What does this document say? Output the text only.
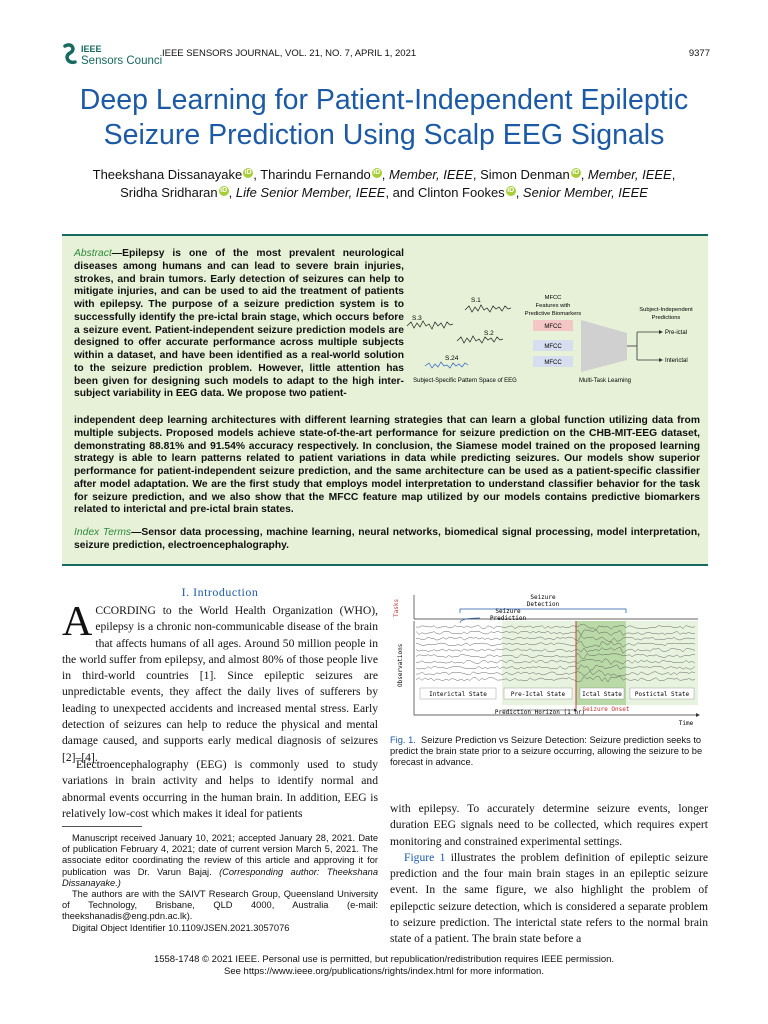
IEEE
Sensors Council
IEEE SENSORS JOURNAL, VOL. 21, NO. 7, APRIL 1, 2021	9377
Deep Learning for Patient-Independent Epileptic
Seizure Prediction Using Scalp EEG Signals
Theekshana Dissanayake iD , Tharindu Fernando iD , Member, IEEE, Simon Denman iD , Member, IEEE,
Sridha Sridharan iD , Life Senior Member, IEEE, and Clinton Fookes iD , Senior Member, IEEE
Abstract—Epilepsy is one of the most prevalent neurological diseases among humans and can lead to severe brain injuries, strokes, and brain tumors. Early detection of seizures can help to mitigate injuries, and can be used to aid the treatment of patients with epilepsy. The purpose of a seizure prediction system is to successfully identify the pre-ictal brain stage, which occurs before a seizure event. Patient-independent seizure prediction models are designed to offer accurate performance across multiple subjects within a dataset, and have been identified as a real-world solution to the seizure prediction problem. However, little attention has been given for designing such models to adapt to the high inter-subject variability in EEG data. We propose two patient-
S.1
S.3
S.2
S.24
MFCC
Features with
Predictive Biomarkers
MFCC
MFCC
MFCC
Subject-Independent
Predictions
Pre-ictal
Interictal
Subject-Specific Pattern Space of EEG	Multi-Task Learning
independent deep learning architectures with different learning strategies that can learn a global function utilizing data from multiple subjects. Proposed models achieve state-of-the-art performance for seizure prediction on the CHB-MIT-EEG dataset, demonstrating 88.81% and 91.54% accuracy respectively. In conclusion, the Siamese model trained on the proposed learning strategy is able to learn patterns related to patient variations in data while predicting seizures. Our models show superior performance for patient-independent seizure prediction, and the same architecture can be used as a patient-specific classifier after model adaptation. We are the first study that employs model interpretation to understand classifier behavior for the task for seizure prediction, and we also show that the MFCC feature map utilized by our models contains predictive biomarkers related to interictal and pre-ictal brain states.
Index Terms—Sensor data processing, machine learning, neural networks, biomedical signal processing, model interpretation, seizure prediction, electroencephalography.
I. Introduction
ACCORDING to the World Health Organization (WHO), epilepsy is a chronic non-communicable disease of the brain that affects humans of all ages. Around 50 million people in the world suffer from epilepsy, and almost 80% of those people live in third-world countries [1]. Since epileptic seizures are unpredictable events, they affect the daily lives of sufferers by leading to unexpected accidents and increased mental stress. Early detection of seizures can help to reduce the physical and mental damage caused, and supports early medical diagnosis of seizures [2]–[4].
Electroencephalography (EEG) is commonly used to study variations in brain activity and helps to identify normal and abnormal events occurring in the human brain. In addition, EEG is relatively low-cost which makes it ideal for patients

Manuscript received January 10, 2021; accepted January 28, 2021. Date of publication February 4, 2021; date of current version March 5, 2021. The associate editor coordinating the review of this article and approving it for publication was Dr. Varun Bajaj. (Corresponding author: Theekshana Dissanayake.)

The authors are with the SAIVT Research Group, Queensland University of Technology, Brisbane, QLD 4000, Australia (e-mail: theekshanadis@eng.pdn.ac.lk).

Digital Object Identifier 10.1109/JSEN.2021.3057076

Tasks
Observations
Seizure
Detection
Seizure
Prediction
Interictal State	Pre-Ictal State	Ictal State Postictal State
Prediction Horizon (1 hr)
Seizure Onset
Time
Fig. 1. Seizure Prediction vs Seizure Detection: Seizure prediction seeks to predict the brain state prior to a seizure occurring, allowing the seizure to be forecast in advance.

with epilepsy. To accurately determine seizure events, longer duration EEG signals need to be collected, which requires expert monitoring and constrained experimental settings.

Figure 1 illustrates the problem definition of epileptic seizure prediction and the four main brain stages in an epileptic seizure event. In the same figure, we also highlight the problem of epilepctic seizure detection, which is considered a separate problem to seizure prediction. The interictal state refers to the normal brain state of a patient. The brain state before a

1558-1748 © 2021 IEEE. Personal use is permitted, but republication/redistribution requires IEEE permission.
See https://www.ieee.org/publications/rights/index.html for more information.
